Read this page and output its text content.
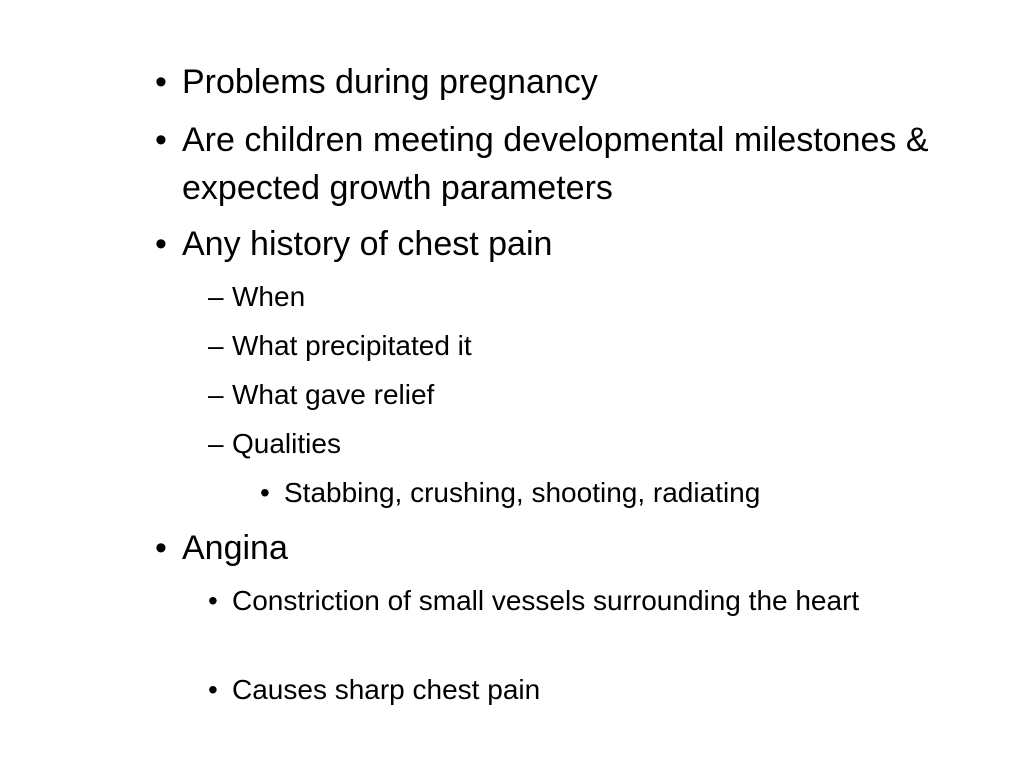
• Problems during pregnancy
• Are children meeting developmental milestones & expected growth parameters
• Any history of chest pain
– When
– What precipitated it
– What gave relief
– Qualities
• Stabbing, crushing, shooting, radiating
• Angina
• Constriction of small vessels surrounding the heart
• Causes sharp chest pain
